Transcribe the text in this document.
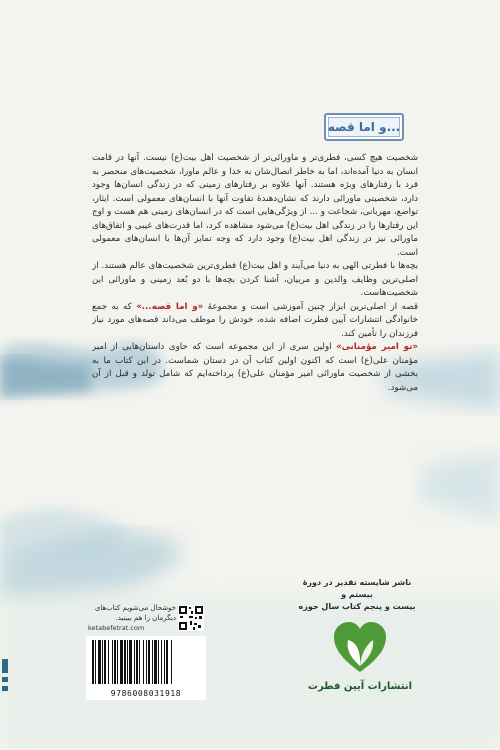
و اما قصه...

شخصیت هیچ کسی، فطری‌تر و ماورائی‌تر از شخصیت اهل بیت(ع) نیست. آنها در قامت انسان به دنیا آمده‌اند، اما به خاطر اتصال‌شان به خدا و عالم ماورا، شخصیت‌های منحصر به فرد با رفتارهای ویژه هستند. آنها علاوه بر رفتارهای زمینی که در زندگی انسان‌ها وجود دارد، شخصیتی ماورائی دارند که نشان‌دهندهٔ تفاوت آنها با انسان‌های معمولی است. ایثار، تواضع، مهربانی، شجاعت و ... از ویژگی‌هایی است که در انسان‌های زمینی هم هست و اوج این رفتارها را در زندگی اهل بیت(ع) می‌شود مشاهده کرد، اما قدرت‌های غیبی و اتفاق‌های ماورائی نیز در زندگی اهل بیت(ع) وجود دارد که وجه تمایز آن‌ها با انسان‌های معمولی است.

بچه‌ها با فطرتی الهی به دنیا می‌آیند و اهل بیت(ع) فطری‌ترین شخصیت‌های عالم هستند. از اصلی‌ترین وظایف والدین و مربیان، آشنا کردن بچه‌ها با دو بُعد زمینی و ماورائی این شخصیت‌هاست.

قصه از اصلی‌ترین ابزار چنین آموزشی است و مجموعهٔ «و اما قصه...» که به جمع خانوادگی انتشارات آیین فطرت اضافه شده، خودش را موظف می‌داند قصه‌های مورد نیاز فرزندان را تأمین کند.

«تو امیر مؤمنانی» اولین سری از این مجموعه است که حاوی داستان‌هایی از امیر مؤمنان علی(ع) است که اکنون اولین کتاب آن در دستان شماست. در این کتاب ما به بخشی از شخصیت ماورائی امیر مؤمنان علی(ع) پرداخته‌ایم که شامل تولد و قبل از آن می‌شود.

ناشر شایسته تقدیر در دورهٔ بیستم و
بیست و پنجم کتاب سال حوزه
انتشارات آیین فطرت
خوشحال می‌شویم کتاب‌های
دیگرمان را هم ببینید.
ketabefetrat.com
9786008031918
